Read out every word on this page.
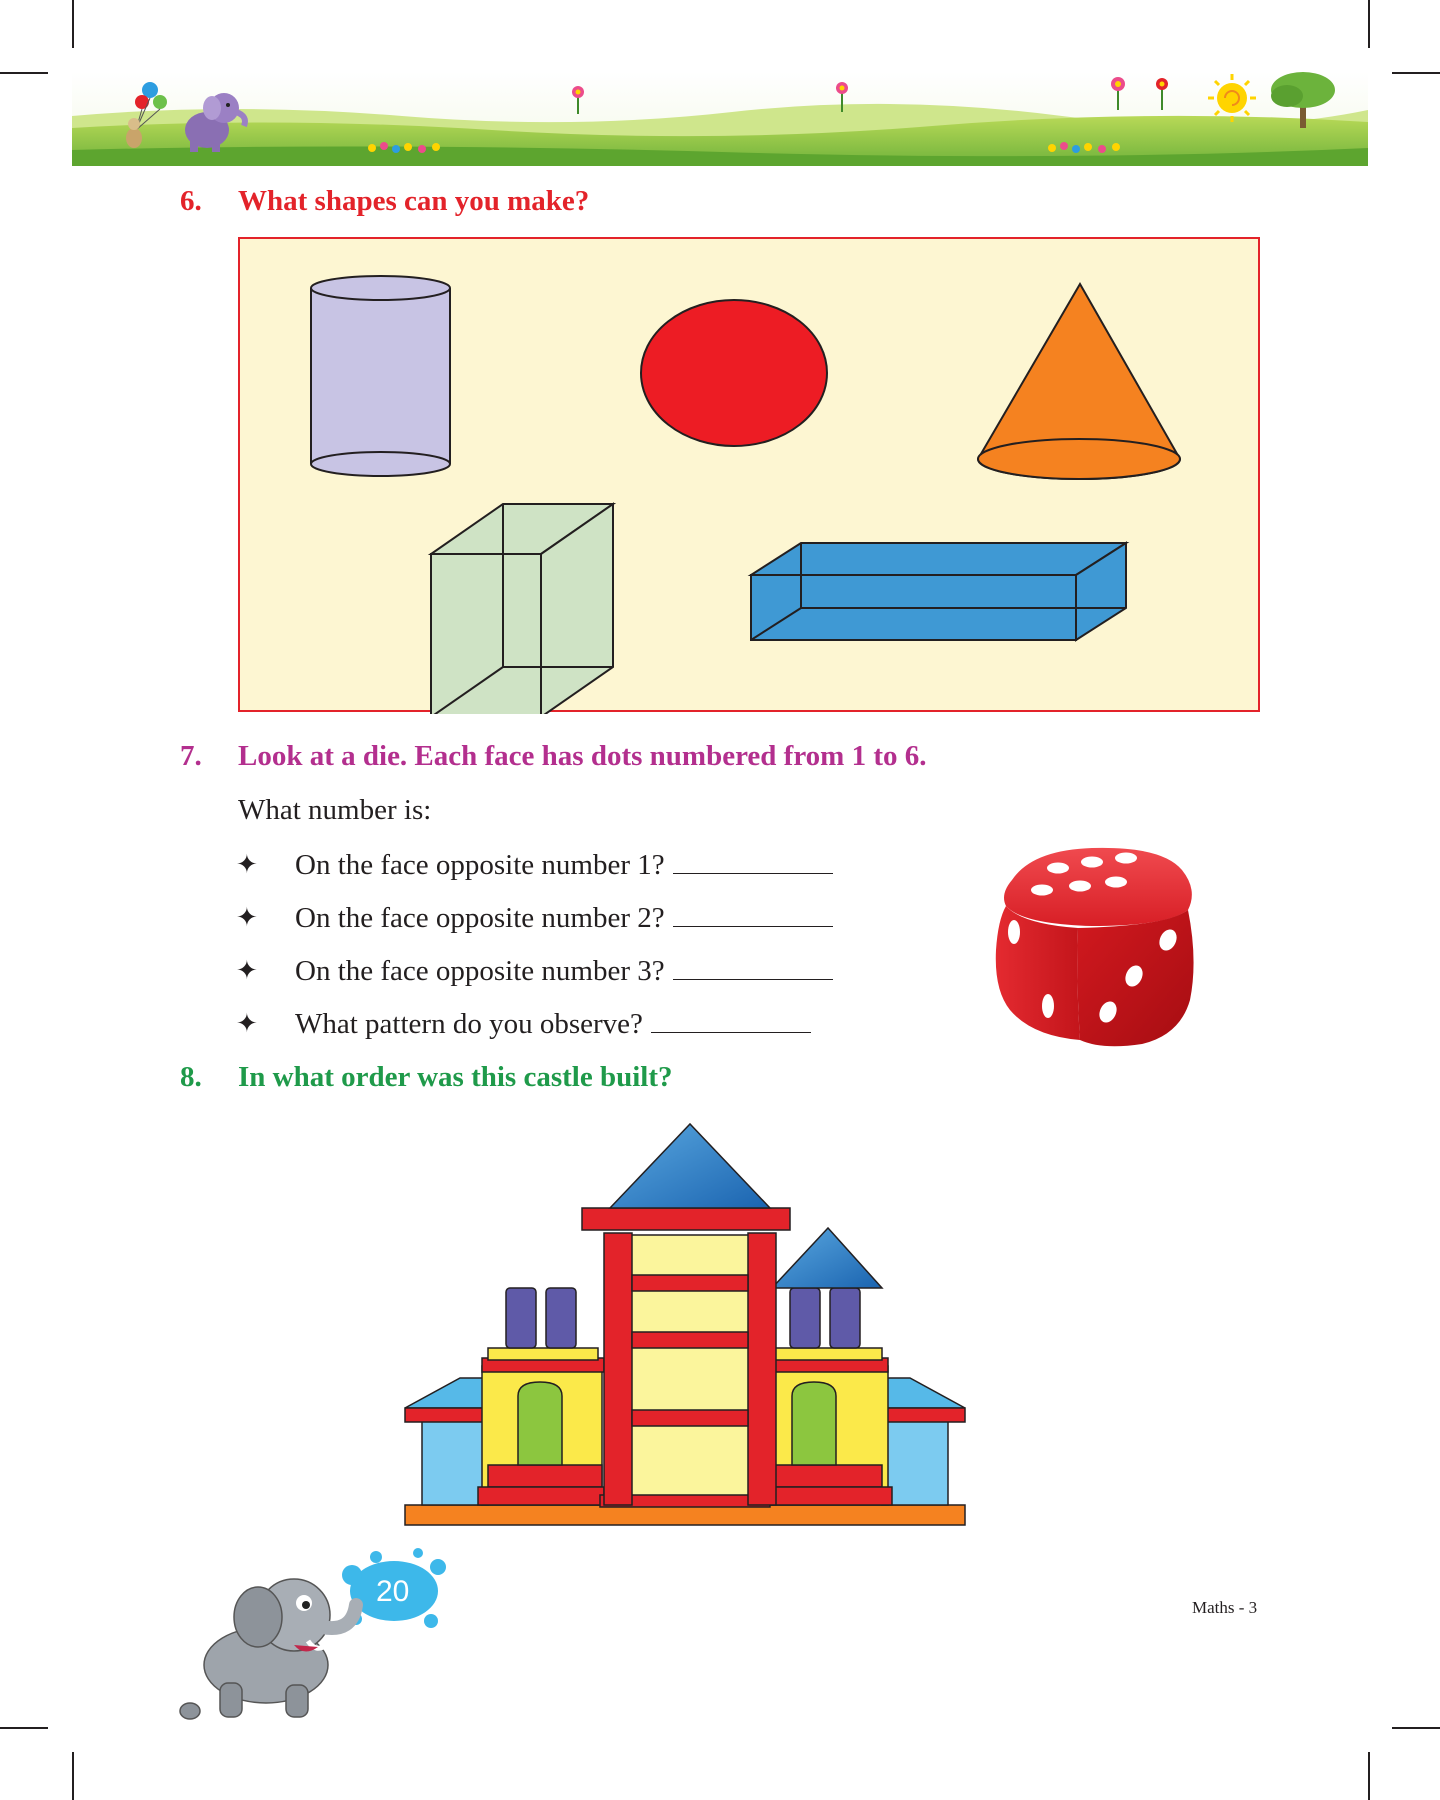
6. What shapes can you make?
7. Look at a die. Each face has dots numbered from 1 to 6.
What number is:
✦ On the face opposite number 1?
✦ On the face opposite number 2?
✦ On the face opposite number 3?
✦ What pattern do you observe?
8. In what order was this castle built?
20	Maths - 3
